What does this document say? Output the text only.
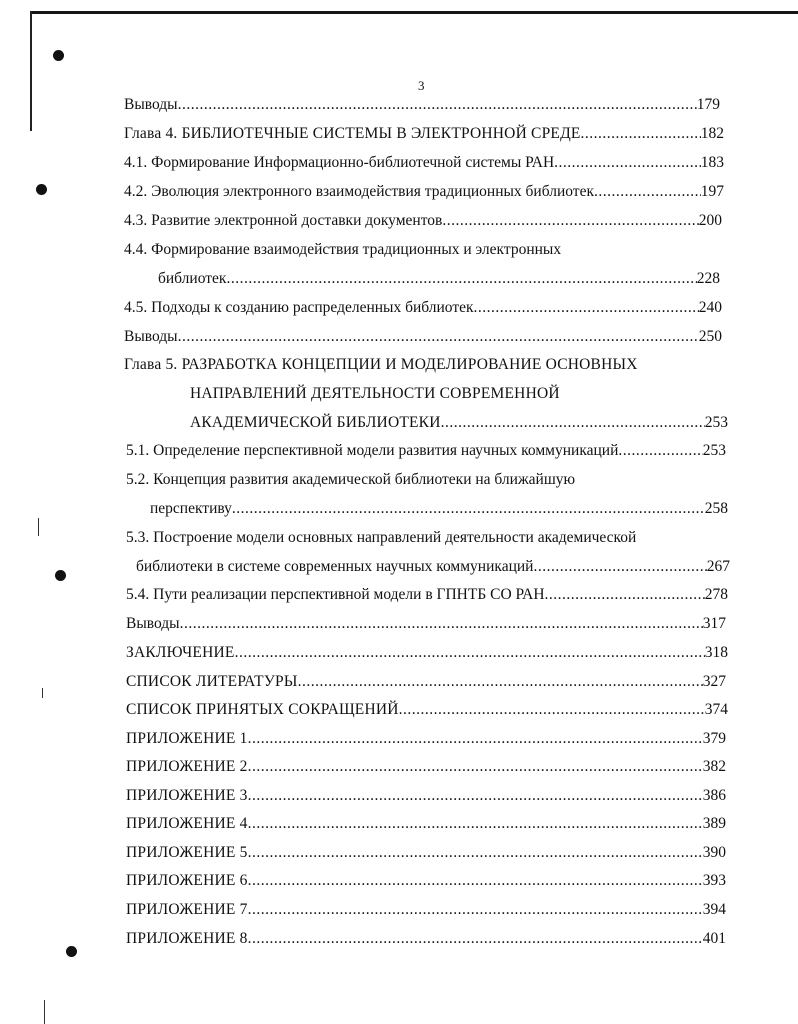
3
Выводы .....	179
Глава 4. БИБЛИОТЕЧНЫЕ СИСТЕМЫ В ЭЛЕКТРОННОЙ СРЕДЕ .....	182
4.1. Формирование Информационно-библиотечной системы РАН .....	183
4.2. Эволюция электронного взаимодействия традиционных библиотек .....	197
4.3. Развитие электронной доставки документов .....	200
4.4. Формирование взаимодействия традиционных и электронных
библиотек .....	228
4.5. Подходы к созданию распределенных библиотек .....	240
Выводы .....	250
Глава 5. РАЗРАБОТКА КОНЦЕПЦИИ И МОДЕЛИРОВАНИЕ ОСНОВНЫХ
НАПРАВЛЕНИЙ ДЕЯТЕЛЬНОСТИ СОВРЕМЕННОЙ
АКАДЕМИЧЕСКОЙ БИБЛИОТЕКИ .....	253
5.1. Определение перспективной модели развития научных коммуникаций .....	253
5.2. Концепция развития академической библиотеки на ближайшую
перспективу .....	258
5.3. Построение модели основных направлений деятельности академической
библиотеки в системе современных научных коммуникаций .....	267
5.4. Пути реализации перспективной модели в ГПНТБ СО РАН .....	278
Выводы .....	317
ЗАКЛЮЧЕНИЕ .....	318
СПИСОК ЛИТЕРАТУРЫ .....	327
СПИСОК ПРИНЯТЫХ СОКРАЩЕНИЙ .....	374
ПРИЛОЖЕНИЕ 1 .....	379
ПРИЛОЖЕНИЕ 2 .....	382
ПРИЛОЖЕНИЕ 3 .....	386
ПРИЛОЖЕНИЕ 4 .....	389
ПРИЛОЖЕНИЕ 5 .....	390
ПРИЛОЖЕНИЕ 6 .....	393
ПРИЛОЖЕНИЕ 7 .....	394
ПРИЛОЖЕНИЕ 8 .....	401
